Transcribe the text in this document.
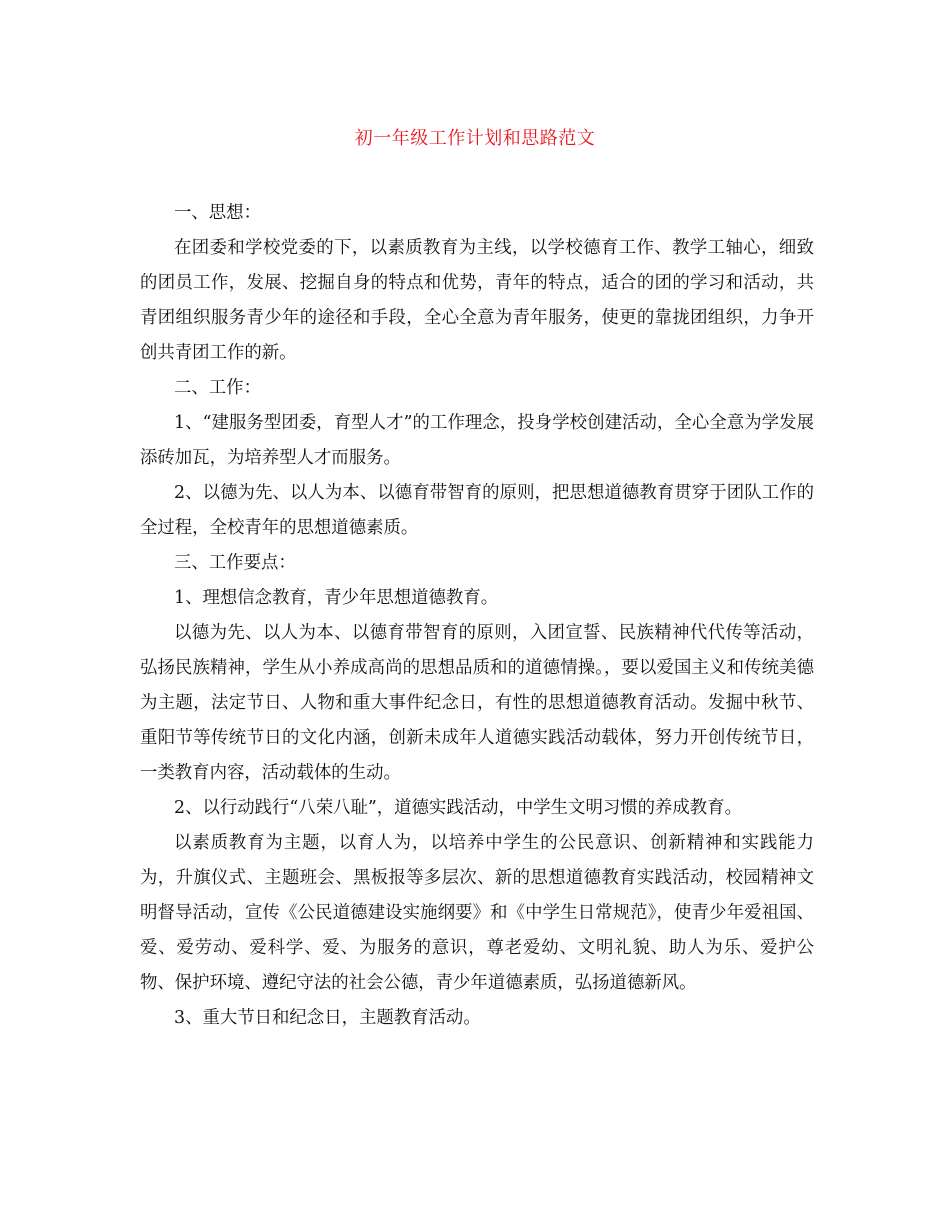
初一年级工作计划和思路范文

一、思想：

在团委和学校党委的下，以素质教育为主线，以学校德育工作、教学工轴心，细致的团员工作，发展、挖掘自身的特点和优势，青年的特点，适合的团的学习和活动，共青团组织服务青少年的途径和手段，全心全意为青年服务，使更的靠拢团组织，力争开创共青团工作的新。

二、工作：

1、“建服务型团委，育型人才”的工作理念，投身学校创建活动，全心全意为学发展添砖加瓦，为培养型人才而服务。

2、以德为先、以人为本、以德育带智育的原则，把思想道德教育贯穿于团队工作的全过程，全校青年的思想道德素质。

三、工作要点：

1、理想信念教育，青少年思想道德教育。

以德为先、以人为本、以德育带智育的原则，入团宣誓、民族精神代代传等活动，弘扬民族精神，学生从小养成高尚的思想品质和的道德情操。，要以爱国主义和传统美德为主题，法定节日、人物和重大事件纪念日，有性的思想道德教育活动。发掘中秋节、重阳节等传统节日的文化内涵，创新未成年人道德实践活动载体，努力开创传统节日，一类教育内容，活动载体的生动。

2、以行动践行“八荣八耻”，道德实践活动，中学生文明习惯的养成教育。

以素质教育为主题，以育人为，以培养中学生的公民意识、创新精神和实践能力为，升旗仪式、主题班会、黑板报等多层次、新的思想道德教育实践活动，校园精神文明督导活动，宣传《公民道德建设实施纲要》和《中学生日常规范》，使青少年爱祖国、爱、爱劳动、爱科学、爱、为服务的意识，尊老爱幼、文明礼貌、助人为乐、爱护公物、保护环境、遵纪守法的社会公德，青少年道德素质，弘扬道德新风。

3、重大节日和纪念日，主题教育活动。
